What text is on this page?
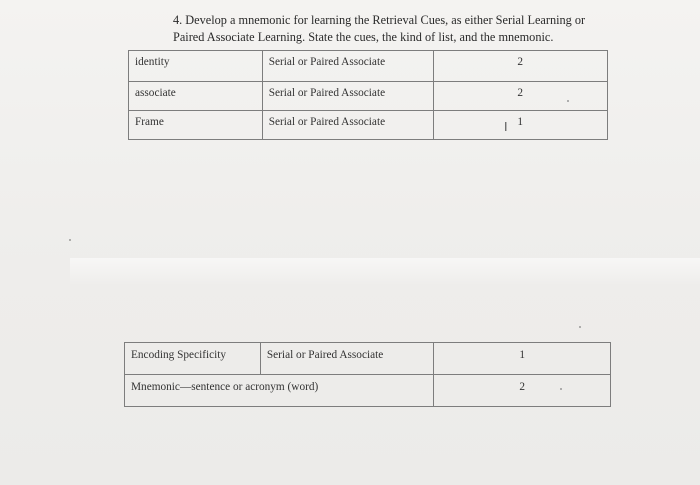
4. Develop a mnemonic for learning the Retrieval Cues, as either Serial Learning or
Paired Associate Learning. State the cues, the kind of list, and the mnemonic.
identity	Serial or Paired Associate	2
associate	Serial or Paired Associate	2
Frame	Serial or Paired Associate	1
I
Encoding Specificity	Serial or Paired Associate	1
Mnemonic—sentence or acronym (word)		2
